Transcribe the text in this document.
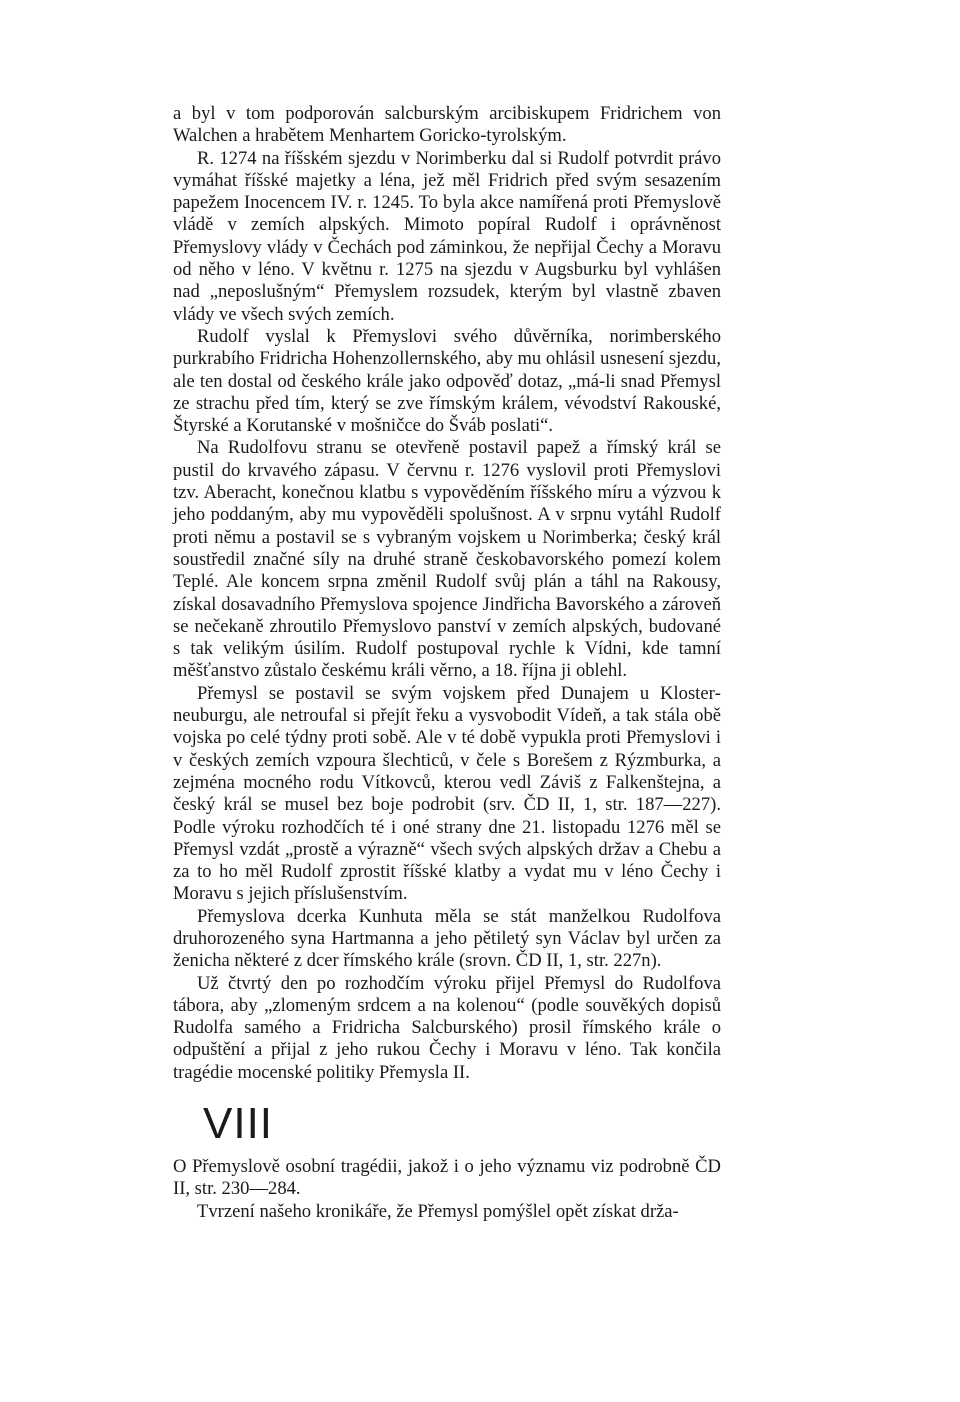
a byl v tom podporován salcburským arcibiskupem Fridrichem von Walchen a hrabětem Menhartem Goricko-tyrolským.

R. 1274 na říšském sjezdu v Norimberku dal si Rudolf potvrdit právo vymáhat říšské majetky a léna, jež měl Fridrich před svým sesazením papežem Inocencem IV. r. 1245. To byla akce namířená proti Přemyslově vládě v zemích alpských. Mimoto popíral Rudolf i oprávněnost Přemyslovy vlády v Čechách pod záminkou, že nepřijal Čechy a Moravu od něho v léno. V květnu r. 1275 na sjezdu v Augsburku byl vyhlášen nad „neposlušným“ Přemyslem rozsudek, kterým byl vlastně zbaven vlády ve všech svých zemích.

Rudolf vyslal k Přemyslovi svého důvěrníka, norimberského purkrabího Fridricha Hohenzollernského, aby mu ohlásil usnesení sjezdu, ale ten dostal od českého krále jako odpověď dotaz, „má-li snad Přemysl ze strachu před tím, který se zve římským králem, vévodství Rakouské, Štyrské a Korutanské v mošničce do Šváb poslati“.

Na Rudolfovu stranu se otevřeně postavil papež a římský král se pustil do krvavého zápasu. V červnu r. 1276 vyslovil proti Přemyslovi tzv. Aberacht, konečnou klatbu s vypověděním říšského míru a výzvou k jeho poddaným, aby mu vypověděli spolušnost. A v srpnu vytáhl Rudolf proti němu a postavil se s vybraným vojskem u Norimberka; český král soustředil značné síly na druhé straně českobavorského pomezí kolem Teplé. Ale koncem srpna změnil Rudolf svůj plán a táhl na Rakousy, získal dosavadního Přemyslova spojence Jindřicha Bavorského a zároveň se nečekaně zhroutilo Přemyslovo panství v zemích alpských, budované s tak velikým úsilím. Rudolf postupoval rychle k Vídni, kde tamní měšťanstvo zůstalo českému králi věrno, a 18. října ji oblehl.

Přemysl se postavil se svým vojskem před Dunajem u Klosterneuburgu, ale netroufal si přejít řeku a vysvobodit Vídeň, a tak stála obě vojska po celé týdny proti sobě. Ale v té době vypukla proti Přemyslovi i v českých zemích vzpoura šlechticů, v čele s Borešem z Rýzmburka, a zejména mocného rodu Vítkovců, kterou vedl Záviš z Falkenštejna, a český král se musel bez boje podrobit (srv. ČD II, 1, str. 187—227). Podle výroku rozhodčích té i oné strany dne 21. listopadu 1276 měl se Přemysl vzdát „prostě a výrazně“ všech svých alpských držav a Chebu a za to ho měl Rudolf zprostit říšské klatby a vydat mu v léno Čechy i Moravu s jejich příslušenstvím.

Přemyslova dcerka Kunhuta měla se stát manželkou Rudolfova druhorozeného syna Hartmanna a jeho pětiletý syn Václav byl určen za ženicha některé z dcer římského krále (srovn. ČD II, 1, str. 227n).

Už čtvrtý den po rozhodčím výroku přijel Přemysl do Rudolfova tábora, aby „zlomeným srdcem a na kolenou“ (podle souvěkých dopisů Rudolfa samého a Fridricha Salcburského) prosil římského krále o odpuštění a přijal z jeho rukou Čechy i Moravu v léno. Tak končila tragédie mocenské politiky Přemysla II.

VIII

O Přemyslově osobní tragédii, jakož i o jeho významu viz podrobně ČD II, str. 230—284.

Tvrzení našeho kronikáře, že Přemysl pomýšlel opět získat drža-
